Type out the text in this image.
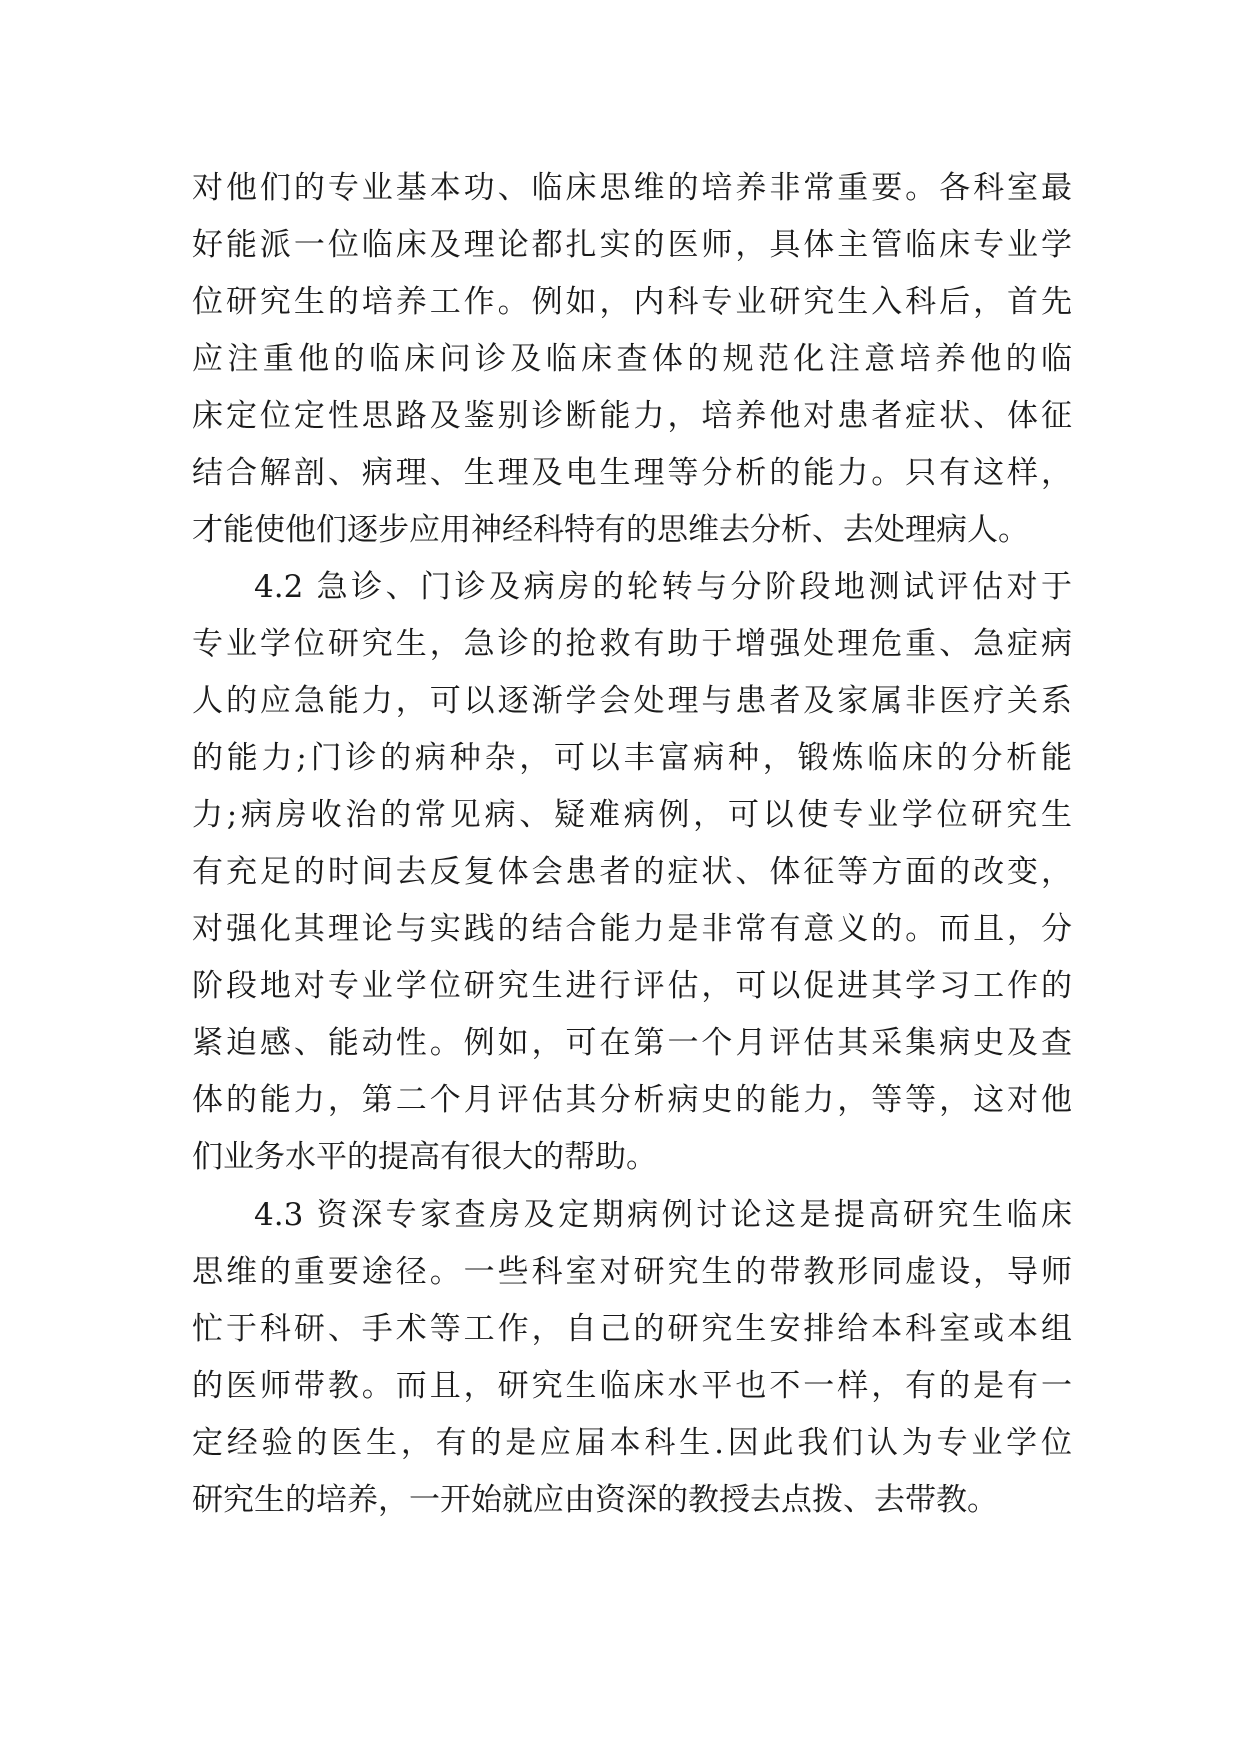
对他们的专业基本功、临床思维的培养非常重要。各科室最
好能派一位临床及理论都扎实的医师，具体主管临床专业学
位研究生的培养工作。例如，内科专业研究生入科后，首先
应注重他的临床问诊及临床查体的规范化注意培养他的临
床定位定性思路及鉴别诊断能力，培养他对患者症状、体征
结合解剖、病理、生理及电生理等分析的能力。只有这样，
才能使他们逐步应用神经科特有的思维去分析、去处理病人。
4.2 急诊、门诊及病房的轮转与分阶段地测试评估对于
专业学位研究生，急诊的抢救有助于增强处理危重、急症病
人的应急能力，可以逐渐学会处理与患者及家属非医疗关系
的能力;门诊的病种杂，可以丰富病种，锻炼临床的分析能
力;病房收治的常见病、疑难病例，可以使专业学位研究生
有充足的时间去反复体会患者的症状、体征等方面的改变，
对强化其理论与实践的结合能力是非常有意义的。而且，分
阶段地对专业学位研究生进行评估，可以促进其学习工作的
紧迫感、能动性。例如，可在第一个月评估其采集病史及查
体的能力，第二个月评估其分析病史的能力，等等，这对他
们业务水平的提高有很大的帮助。
4.3 资深专家查房及定期病例讨论这是提高研究生临床
思维的重要途径。一些科室对研究生的带教形同虚设，导师
忙于科研、手术等工作，自己的研究生安排给本科室或本组
的医师带教。而且，研究生临床水平也不一样，有的是有一
定经验的医生，有的是应届本科生.因此我们认为专业学位
研究生的培养，一开始就应由资深的教授去点拨、去带教。
